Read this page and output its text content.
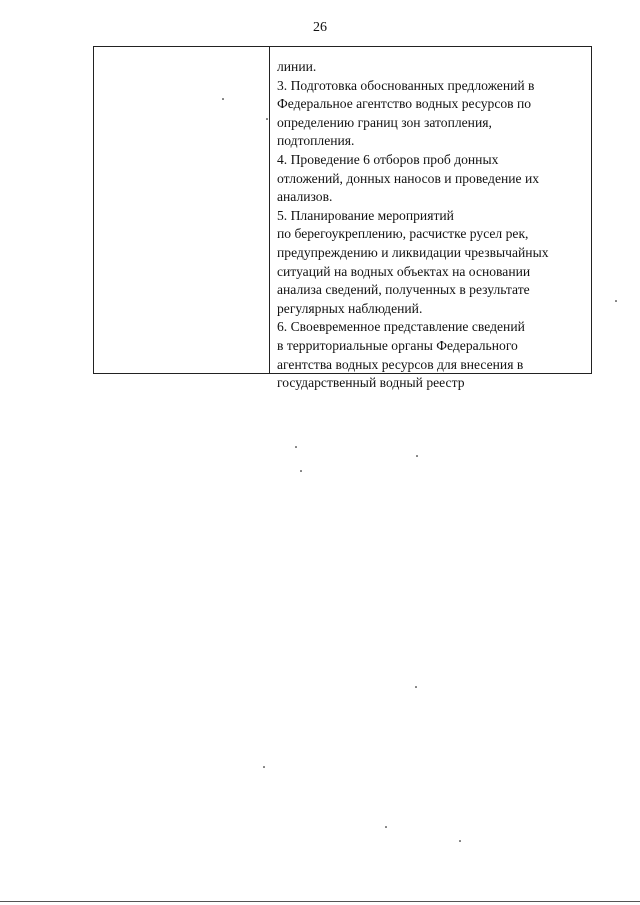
26
линии.
3. Подготовка обоснованных предложений в
Федеральное агентство водных ресурсов по
определению границ зон затопления,
подтопления.
4. Проведение 6 отборов проб донных
отложений, донных наносов и проведение их
анализов.
5. Планирование мероприятий
по берегоукреплению, расчистке русел рек,
предупреждению и ликвидации чрезвычайных
ситуаций на водных объектах на основании
анализа сведений, полученных в результате
регулярных наблюдений.
6. Своевременное представление сведений
в территориальные органы Федерального
агентства водных ресурсов для внесения в
государственный водный реестр
